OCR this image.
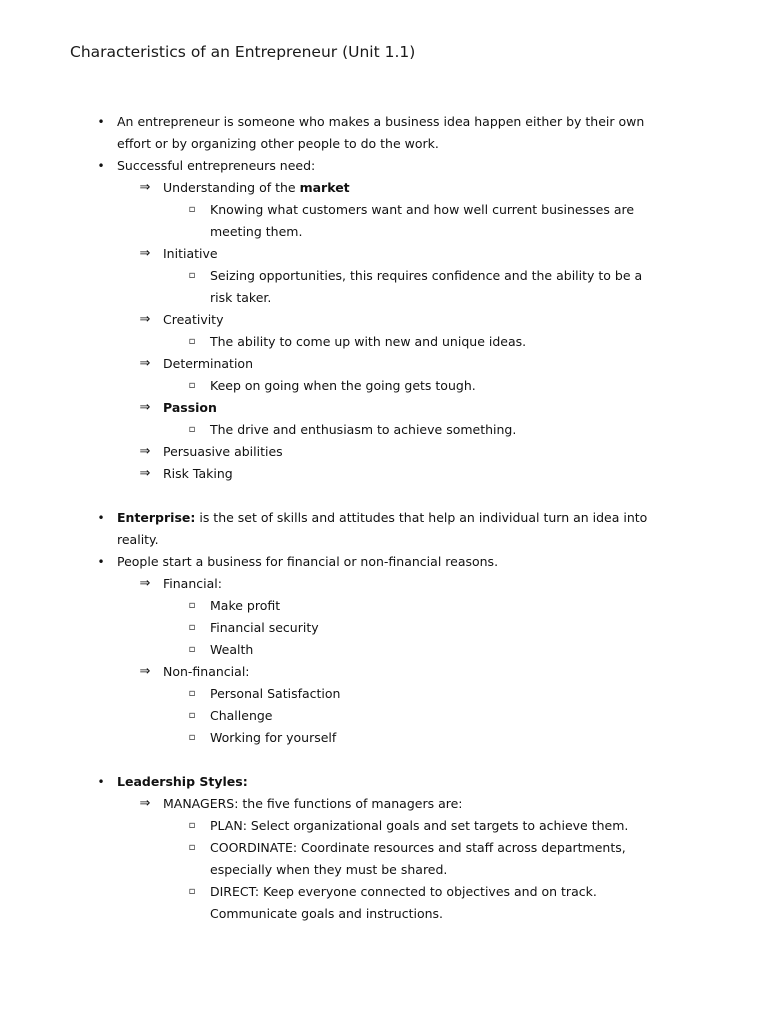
Characteristics of an Entrepreneur (Unit 1.1)
• An entrepreneur is someone who makes a business idea happen either by their own
effort or by organizing other people to do the work.
• Successful entrepreneurs need:
⇒	Understanding of the market
▫	Knowing what customers want and how well current businesses are
meeting them.
⇒	Initiative
▫	Seizing opportunities, this requires confidence and the ability to be a
risk taker.
⇒	Creativity
▫	The ability to come up with new and unique ideas.
⇒	Determination
▫	Keep on going when the going gets tough.
⇒	Passion
▫	The drive and enthusiasm to achieve something.
⇒	Persuasive abilities
⇒	Risk Taking
• Enterprise: is the set of skills and attitudes that help an individual turn an idea into
reality.
• People start a business for financial or non-financial reasons.
⇒	Financial:
▫	Make profit
▫	Financial security
▫	Wealth
⇒	Non-financial:
▫	Personal Satisfaction
▫	Challenge
▫	Working for yourself
• Leadership Styles:
⇒	MANAGERS: the five functions of managers are:
▫	PLAN: Select organizational goals and set targets to achieve them.
▫	COORDINATE: Coordinate resources and staff across departments,
especially when they must be shared.
▫	DIRECT: Keep everyone connected to objectives and on track.
Communicate goals and instructions.
